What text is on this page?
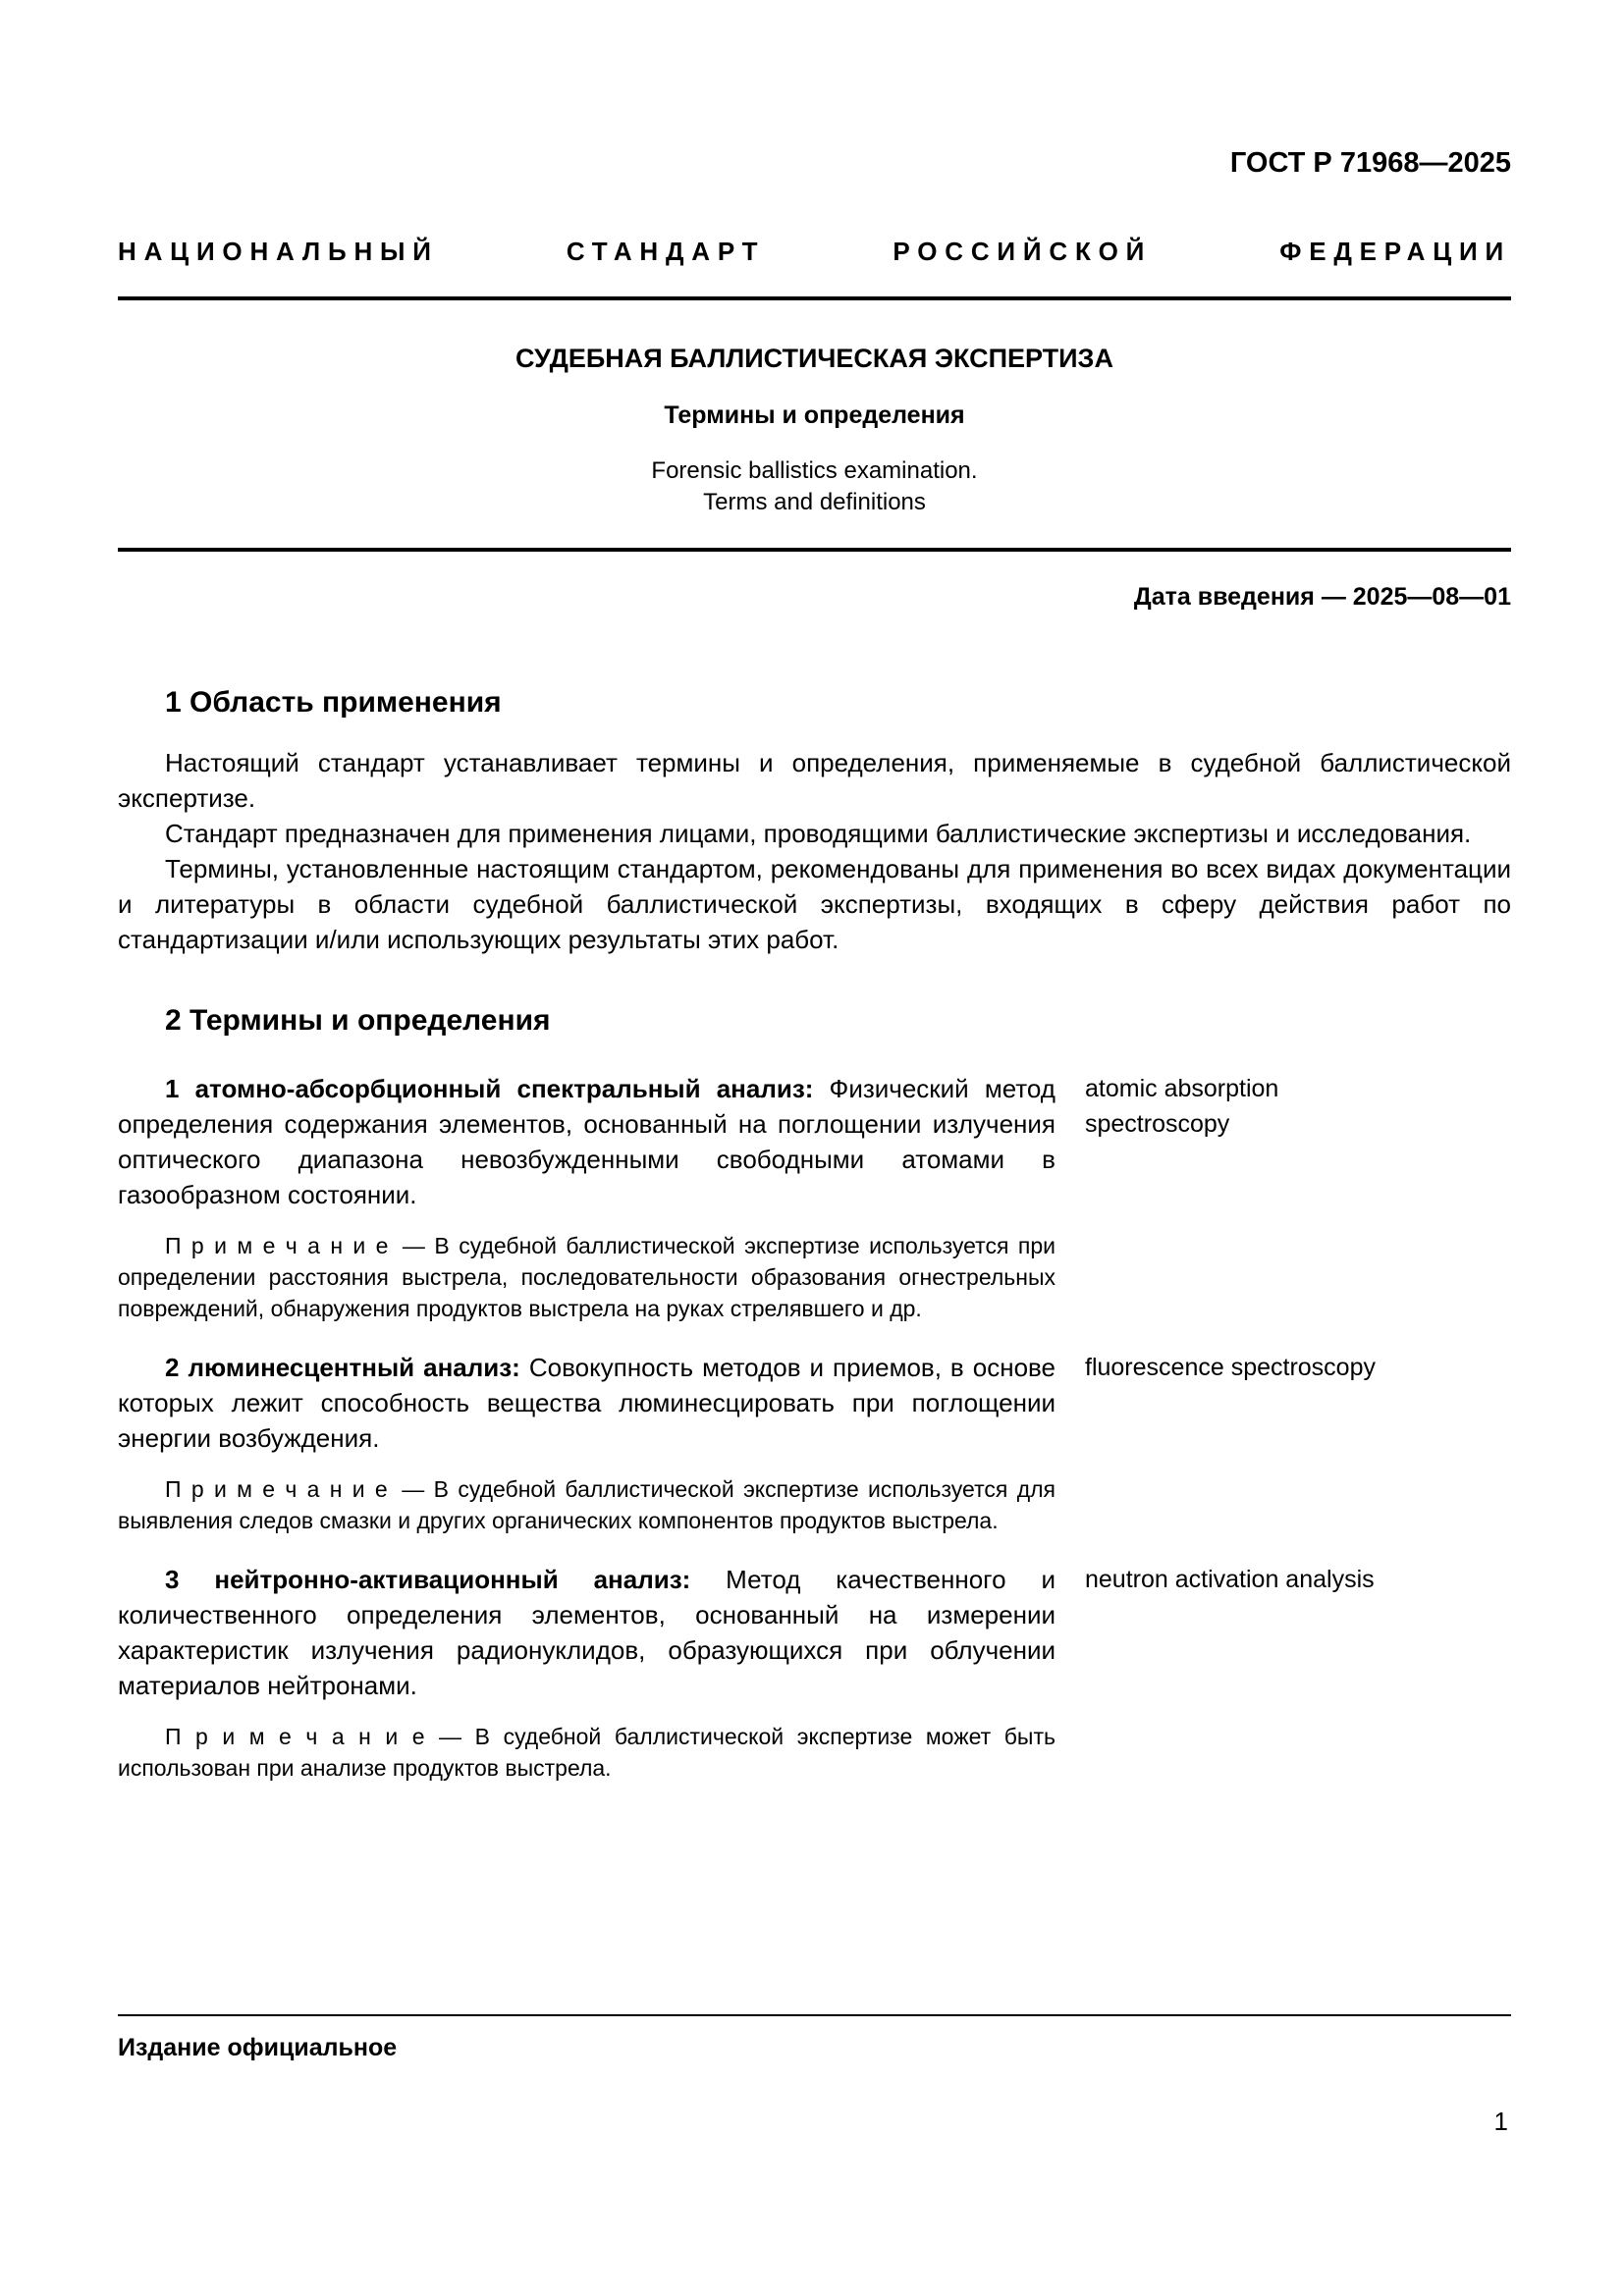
ГОСТ Р 71968—2025
НАЦИОНАЛЬНЫЙ СТАНДАРТ РОССИЙСКОЙ ФЕДЕРАЦИИ
СУДЕБНАЯ БАЛЛИСТИЧЕСКАЯ ЭКСПЕРТИЗА
Термины и определения
Forensic ballistics examination.
Terms and definitions
Дата введения — 2025—08—01
1 Область применения

Настоящий стандарт устанавливает термины и определения, применяемые в судебной баллистической экспертизе.

Стандарт предназначен для применения лицами, проводящими баллистические экспертизы и исследования.

Термины, установленные настоящим стандартом, рекомендованы для применения во всех видах документации и литературы в области судебной баллистической экспертизы, входящих в сферу действия работ по стандартизации и/или использующих результаты этих работ.

2 Термины и определения

1 атомно-абсорбционный спектральный анализ: Физический метод определения содержания элементов, основанный на поглощении излучения оптического диапазона невозбужденными свободными атомами в газообразном состоянии.

atomic absorption spectroscopy

П р и м е ч а н и е — В судебной баллистической экспертизе используется при определении расстояния выстрела, последовательности образования огнестрельных повреждений, обнаружения продуктов выстрела на руках стрелявшего и др.

2 люминесцентный анализ: Совокупность методов и приемов, в основе которых лежит способность вещества люминесцировать при поглощении энергии возбуждения.

fluorescence spectroscopy

П р и м е ч а н и е — В судебной баллистической экспертизе используется для выявления следов смазки и других органических компонентов продуктов выстрела.

3 нейтронно-активационный анализ: Метод качественного и количественного определения элементов, основанный на измерении характеристик излучения радионуклидов, образующихся при облучении материалов нейтронами.

neutron activation analysis

П р и м е ч а н и е — В судебной баллистической экспертизе может быть использован при анализе продуктов выстрела.

Издание официальное
1
